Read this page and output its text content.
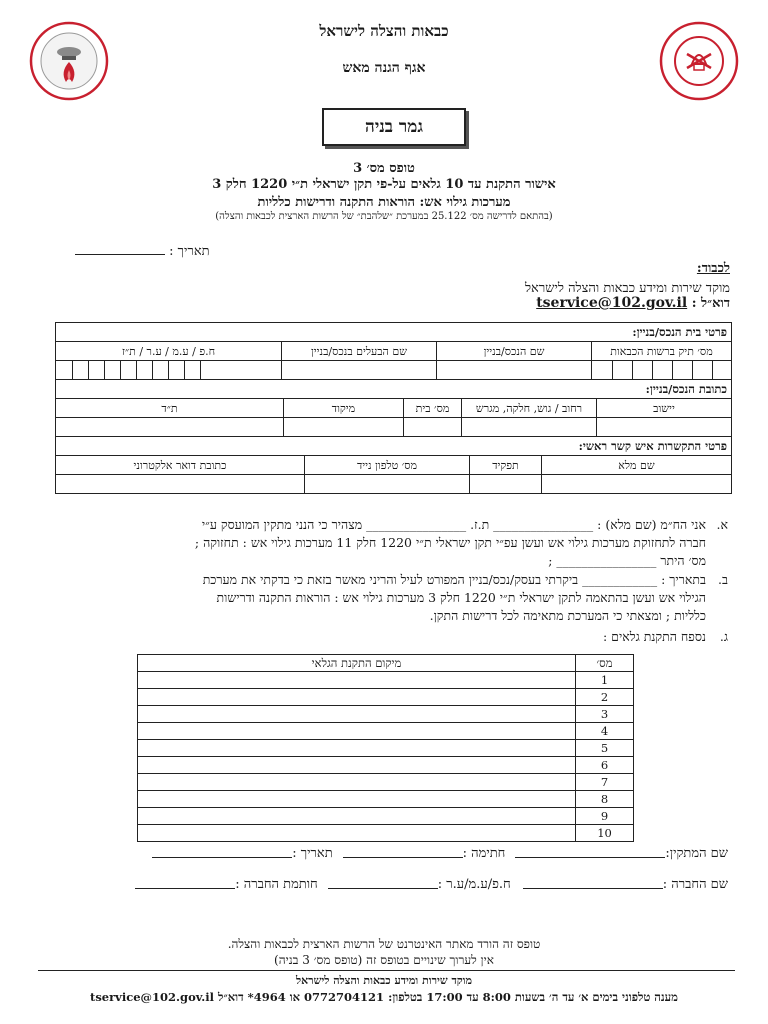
כבאות והצלה לישראל
אגף הגנה מאש
גמר בניה
טופס מס׳ 3
אישור התקנת עד 10 גלאים על-פי תקן ישראלי ת״י 1220 חלק 3
מערכות גילוי אש: הוראות התקנה ודרישות כלליות
(בהתאם לדרישה מס׳ 25.122 במערכת ״שלהבת״ של הרשות הארצית לכבאות והצלה)
תאריך :
לכבוד:
מוקד שירות ומידע כבאות והצלה לישראל
דוא״ל : tservice@102.gov.il
פרטי בית הנכס/בניין:
מס׳ תיק ברשות הכבאות
שם הנכס/בניין
שם הבעלים בנכס/בניין
ח.פ / ע.מ / ע.ר / ת״ז
כתובת הנכס/בניין:
יישוב
רחוב / גוש, חלקה, מגרש
מס׳ בית
מיקוד
ת״ד
פרטי התקשרות איש קשר ראשי:
שם מלא
תפקיד
מס׳ טלפון נייד
כתובת דואר אלקטרוני
א.אני הח״מ (שם מלא) : ________________ ת.ז. ________________ מצהיר כי הנני מתקין המועסק ע״י
חברה לתחזוקת מערכות גילוי אש ועשן עפ״י תקן ישראלי ת״י 1220 חלק 11 מערכות גילוי אש : תחזוקה ;
מס׳ היתר ________________ ;
ב.בתאריך : ____________ ביקרתי בעסק/נכס/בניין המפורט לעיל והריני מאשר בזאת כי בדקתי את מערכת
הגילוי אש ועשן בהתאמה לתקן ישראלי ת״י 1220 חלק 3 מערכות גילוי אש : הוראות התקנה ודרישות
כלליות ; ומצאתי כי המערכת מתאימה לכל דרישות התקן.
ג.נספח התקנת גלאים :
מס׳
מיקום התקנת הגלאי
1
2
3
4
5
6
7
8
9
10
שם המתקין:
חתימה :
תאריך :
שם החברה :
ח.פ/ע.מ/ע.ר :
חותמת החברה :
טופס זה הורד מאתר האינטרנט של הרשות הארצית לכבאות והצלה.
אין לערוך שינויים בטופס זה (טופס מס׳ 3 בניה)
מוקד שירות ומידע כבאות והצלה לישראל
מענה טלפוני בימים א׳ עד ה׳ בשעות 8:00 עד 17:00 בטלפון: 0772704121 או 4964* דוא״ל tservice@102.gov.il
